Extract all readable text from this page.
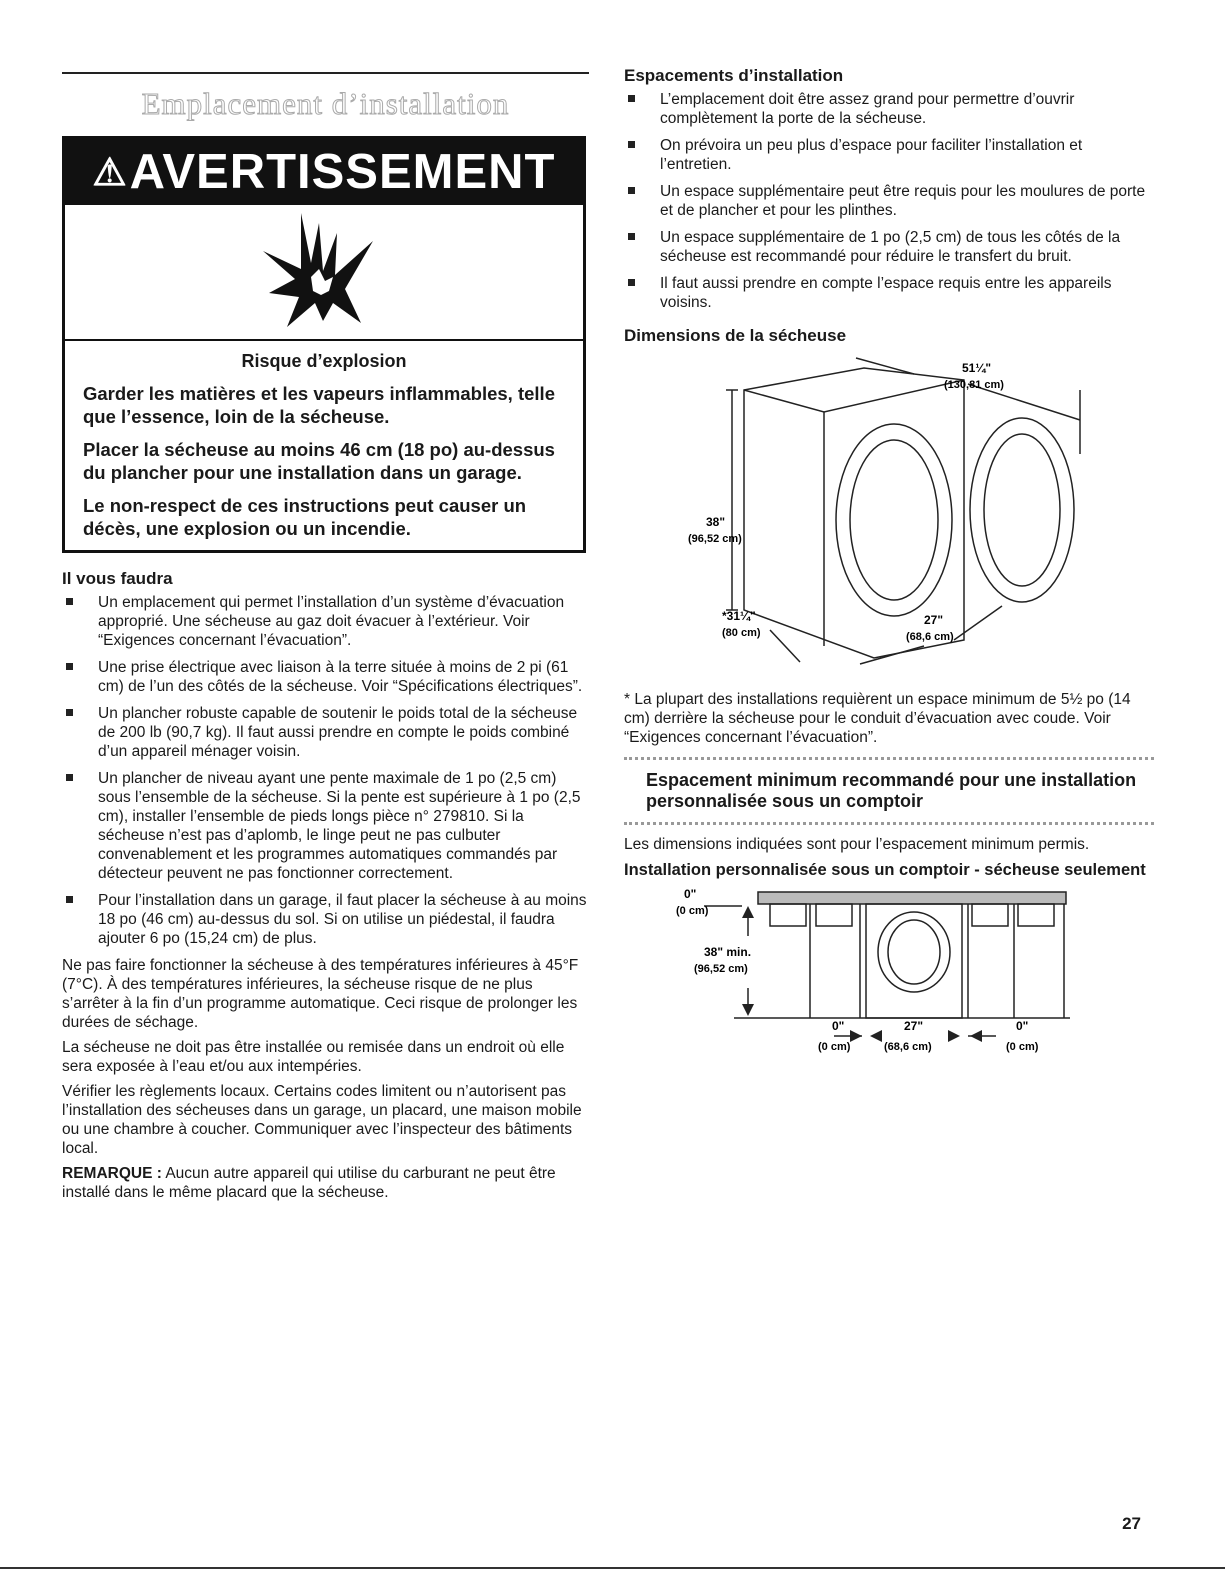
Emplacement d’installation
⚠ AVERTISSEMENT
Risque d’explosion

Garder les matières et les vapeurs inflammables, telle que l’essence, loin de la sécheuse.

Placer la sécheuse au moins 46 cm (18 po) au-dessus du plancher pour une installation dans un garage.

Le non-respect de ces instructions peut causer un décès, une explosion ou un incendie.

Il vous faudra
Un emplacement qui permet l’installation d’un système d’évacuation approprié. Une sécheuse au gaz doit évacuer à l’extérieur. Voir “Exigences concernant l’évacuation”.
Une prise électrique avec liaison à la terre située à moins de 2 pi (61 cm) de l’un des côtés de la sécheuse. Voir “Spécifications électriques”.
Un plancher robuste capable de soutenir le poids total de la sécheuse de 200 lb (90,7 kg). Il faut aussi prendre en compte le poids combiné d’un appareil ménager voisin.
Un plancher de niveau ayant une pente maximale de 1 po (2,5 cm) sous l’ensemble de la sécheuse. Si la pente est supérieure à 1 po (2,5 cm), installer l’ensemble de pieds longs pièce n° 279810. Si la sécheuse n’est pas d’aplomb, le linge peut ne pas culbuter convenablement et les programmes automatiques commandés par détecteur peuvent ne pas fonctionner correctement.
Pour l’installation dans un garage, il faut placer la sécheuse à au moins 18 po (46 cm) au-dessus du sol. Si on utilise un piédestal, il faudra ajouter 6 po (15,24 cm) de plus.

Ne pas faire fonctionner la sécheuse à des températures inférieures à 45°F (7°C). À des températures inférieures, la sécheuse risque de ne plus s’arrêter à la fin d’un programme automatique. Ceci risque de prolonger les durées de séchage.

La sécheuse ne doit pas être installée ou remisée dans un endroit où elle sera exposée à l’eau et/ou aux intempéries.

Vérifier les règlements locaux. Certains codes limitent ou n’autorisent pas l’installation des sécheuses dans un garage, un placard, une maison mobile ou une chambre à coucher. Communiquer avec l’inspecteur des bâtiments local.

REMARQUE : Aucun autre appareil qui utilise du carburant ne peut être installé dans le même placard que la sécheuse.

Espacements d’installation
L’emplacement doit être assez grand pour permettre d’ouvrir complètement la porte de la sécheuse.
On prévoira un peu plus d’espace pour faciliter l’installation et l’entretien.
Un espace supplémentaire peut être requis pour les moulures de porte et de plancher et pour les plinthes.
Un espace supplémentaire de 1 po (2,5 cm) de tous les côtés de la sécheuse est recommandé pour réduire le transfert du bruit.
Il faut aussi prendre en compte l’espace requis entre les appareils voisins.
Dimensions de la sécheuse
51¼"
(130,81 cm)
38"
(96,52 cm)
*31¼"
(80 cm)
27"
(68,6 cm)

* La plupart des installations requièrent un espace minimum de 5½ po (14 cm) derrière la sécheuse pour le conduit d’évacuation avec coude. Voir “Exigences concernant l’évacuation”.

Espacement minimum recommandé pour une installation personnalisée sous un comptoir

Les dimensions indiquées sont pour l’espacement minimum permis.

Installation personnalisée sous un comptoir - sécheuse seulement
0"
(0 cm)
38" min.
(96,52 cm)
0"
(0 cm)
27"
(68,6 cm)
0"
(0 cm)
27
